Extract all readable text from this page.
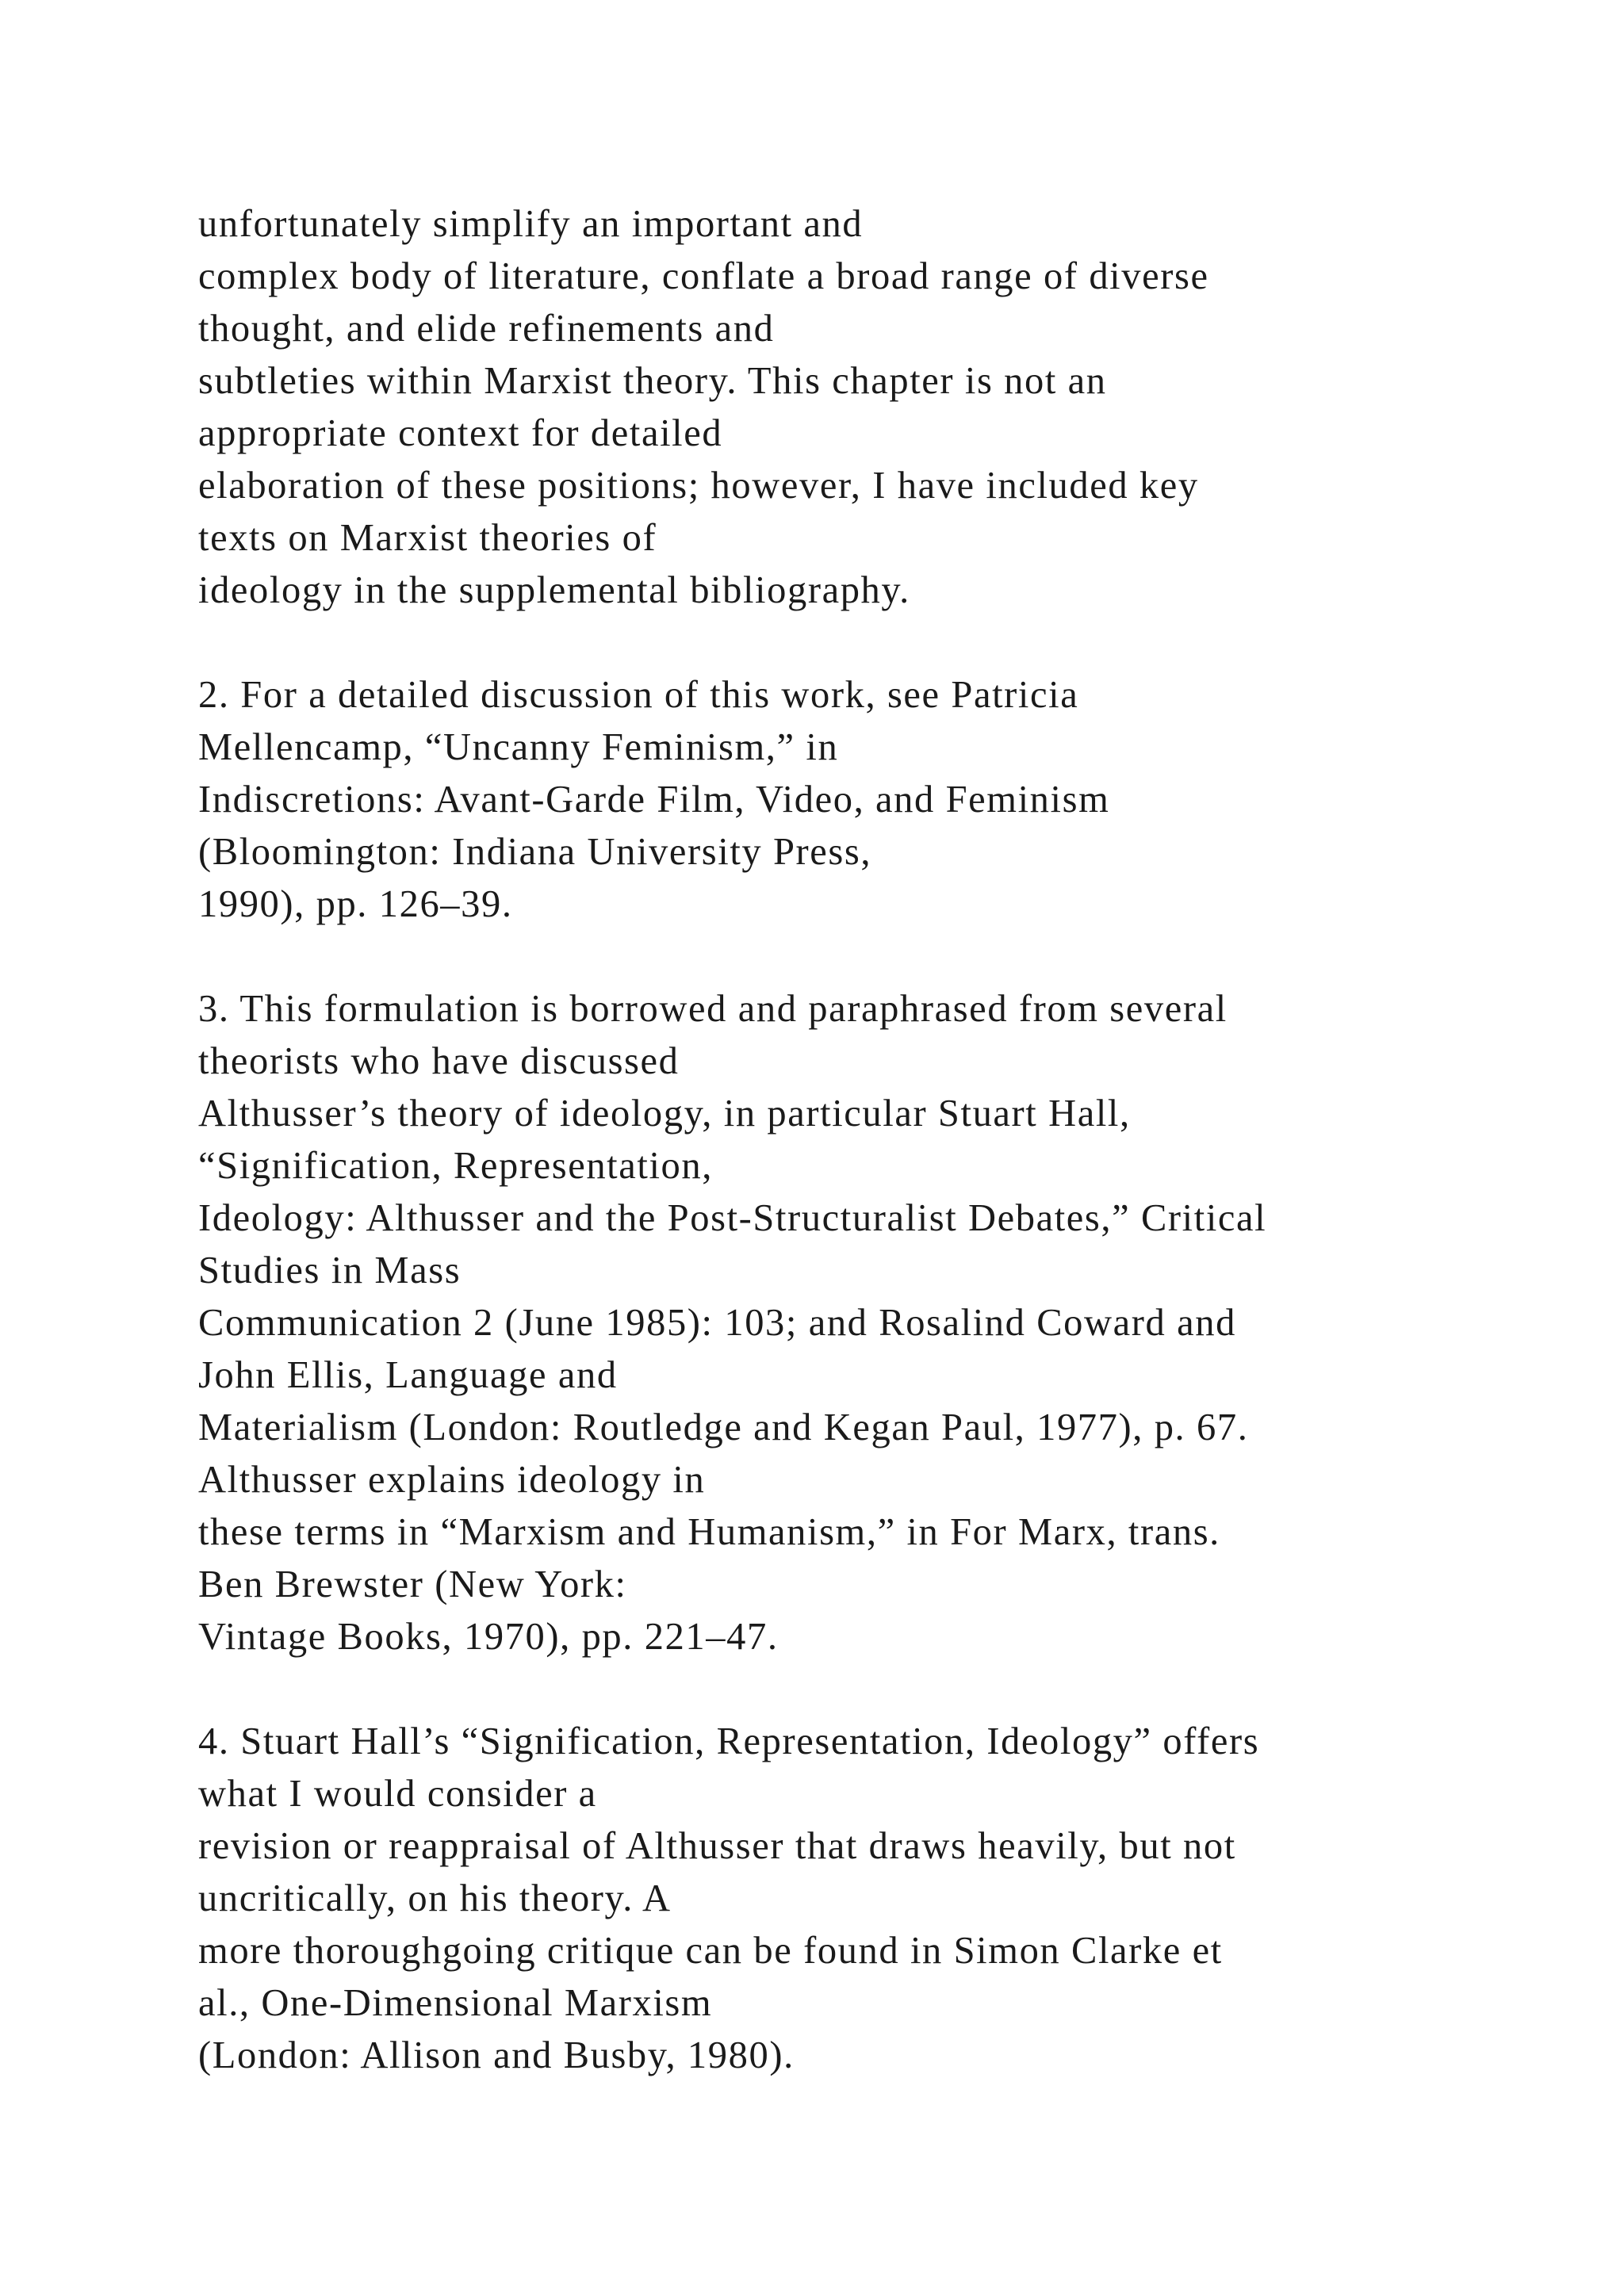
unfortunately simplify an important and
complex body of literature, conflate a broad range of diverse
thought, and elide refinements and
subtleties within Marxist theory. This chapter is not an
appropriate context for detailed
elaboration of these positions; however, I have included key
texts on Marxist theories of
ideology in the supplemental bibliography.

2. For a detailed discussion of this work, see Patricia
Mellencamp, “Uncanny Feminism,” in
Indiscretions: Avant-Garde Film, Video, and Feminism
(Bloomington: Indiana University Press,
1990), pp. 126–39.

3. This formulation is borrowed and paraphrased from several
theorists who have discussed
Althusser’s theory of ideology, in particular Stuart Hall,
“Signification, Representation,
Ideology: Althusser and the Post-Structuralist Debates,” Critical
Studies in Mass
Communication 2 (June 1985): 103; and Rosalind Coward and
John Ellis, Language and
Materialism (London: Routledge and Kegan Paul, 1977), p. 67.
Althusser explains ideology in
these terms in “Marxism and Humanism,” in For Marx, trans.
Ben Brewster (New York:
Vintage Books, 1970), pp. 221–47.

4. Stuart Hall’s “Signification, Representation, Ideology” offers
what I would consider a
revision or reappraisal of Althusser that draws heavily, but not
uncritically, on his theory. A
more thoroughgoing critique can be found in Simon Clarke et
al., One-Dimensional Marxism
(London: Allison and Busby, 1980).
